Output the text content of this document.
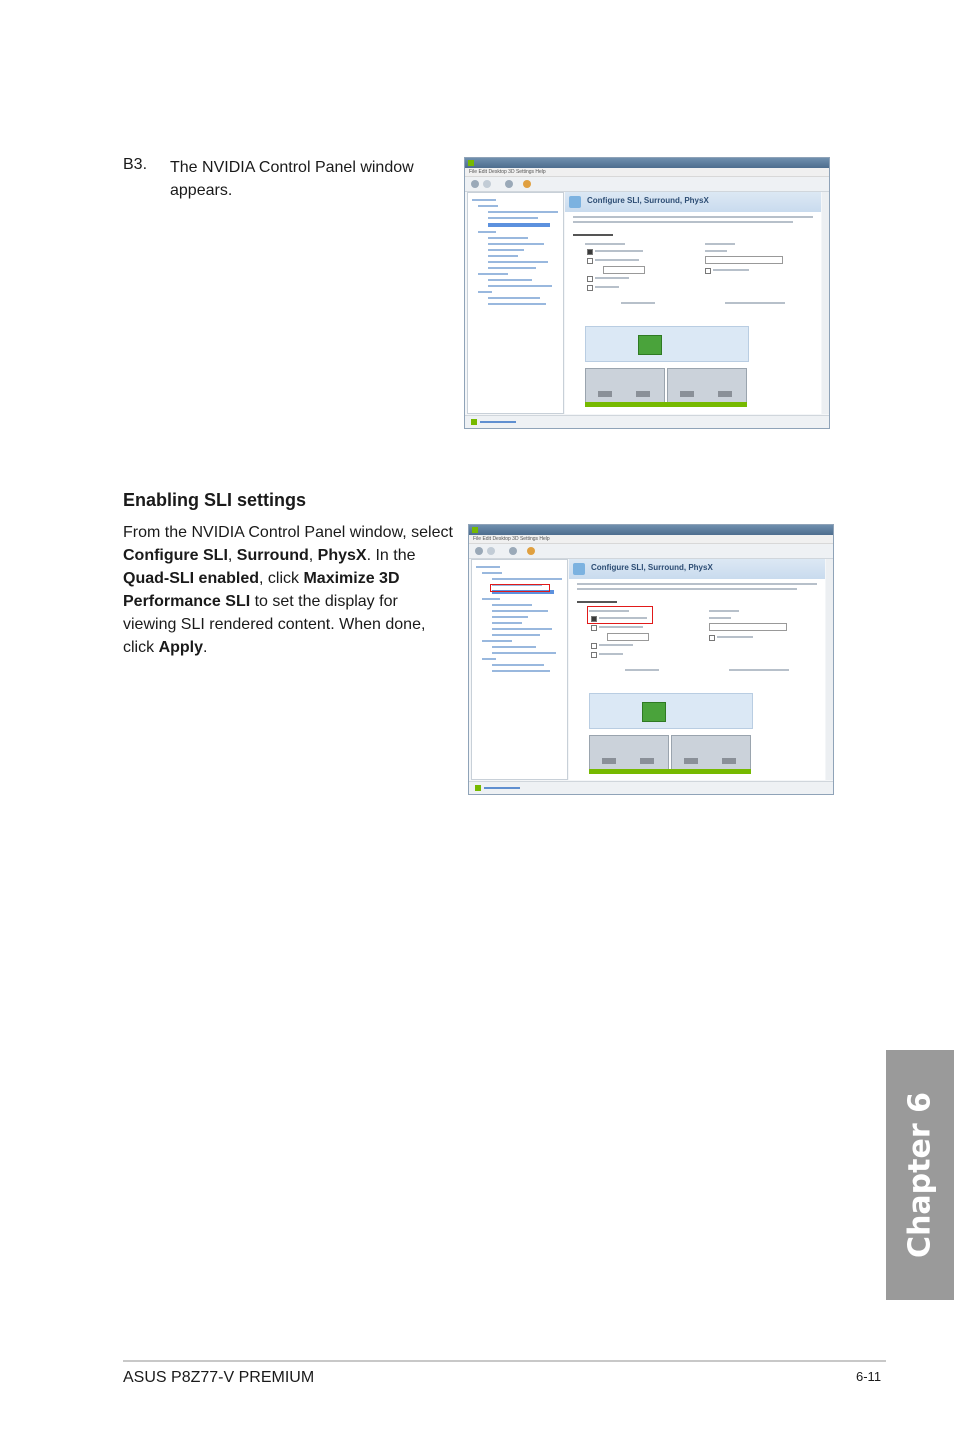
B3. The NVIDIA Control Panel window appears.
File Edit Desktop 3D Settings Help
Configure SLI, Surround, PhysX
Enabling SLI settings
From the NVIDIA Control Panel window, select Configure SLI, Surround, PhysX. In the Quad-SLI enabled, click Maximize 3D Performance SLI to set the display for viewing SLI rendered content. When done, click Apply.
File Edit Desktop 3D Settings Help
Configure SLI, Surround, PhysX
ASUS P8Z77-V PREMIUM	6-11
Chapter 6
